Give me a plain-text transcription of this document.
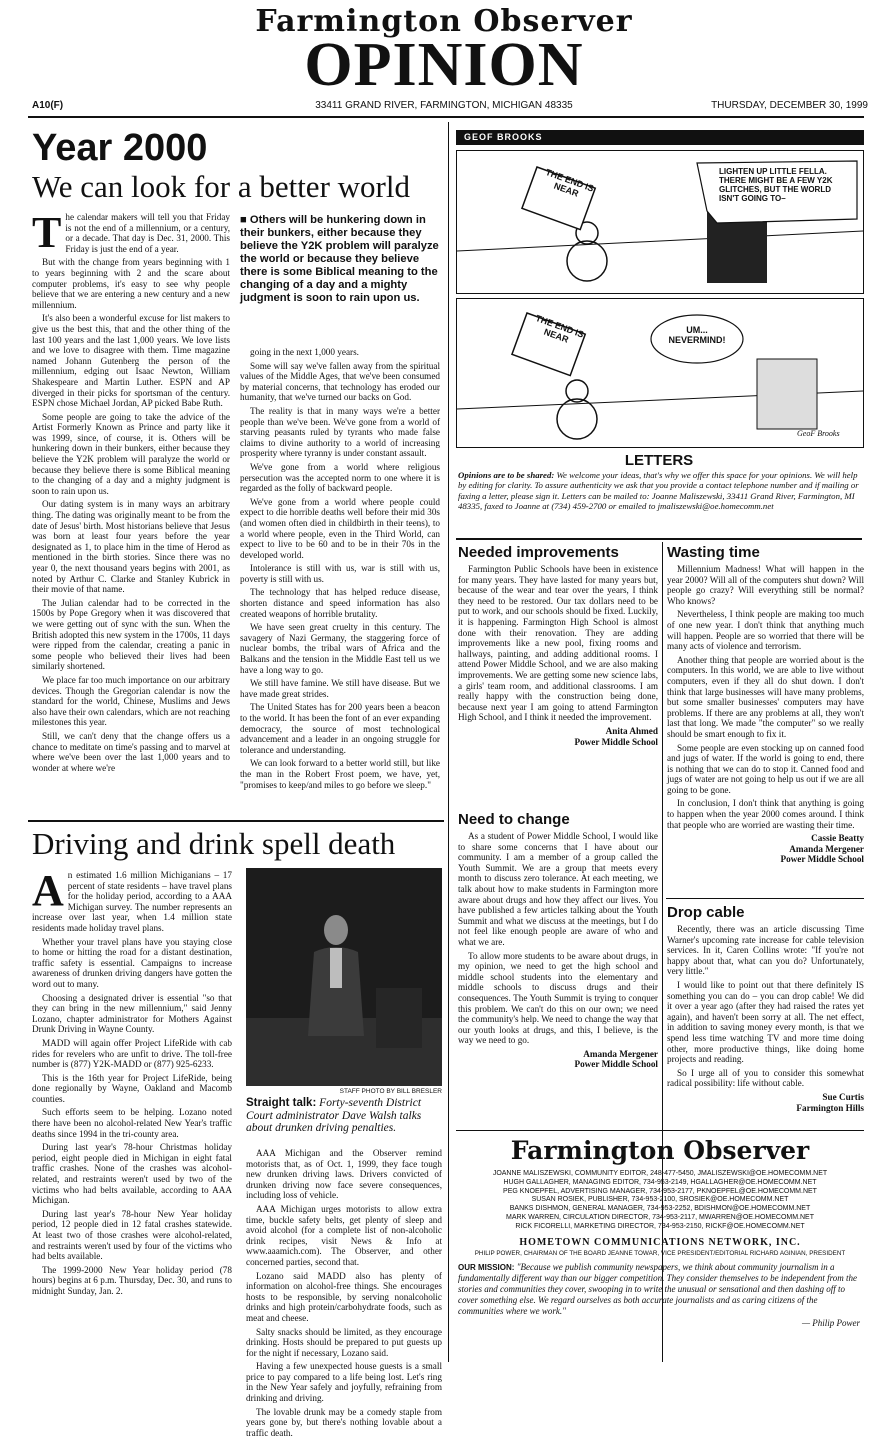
Farmington Observer
OPINION
A10(F)	33411 GRAND RIVER, FARMINGTON, MICHIGAN 48335	THURSDAY, DECEMBER 30, 1999
Year 2000
We can look for a better world
T he calendar makers will tell you that Friday is not the end of a millennium, or a century, or a decade. That day is Dec. 31, 2000. This Friday is just the end of a year.

But with the change from years beginning with 1 to years beginning with 2 and the scare about computer problems, it's easy to see why people believe that we are entering a new century and a new millennium.

It's also been a wonderful excuse for list makers to give us the best this, that and the other thing of the last 100 years and the last 1,000 years. We love lists and we love to disagree with them. Time magazine named Johann Gutenberg the person of the millennium, edging out Isaac Newton, William Shakespeare and Martin Luther. ESPN and AP diverged in their picks for sportsman of the century. ESPN chose Michael Jordan, AP picked Babe Ruth.

Some people are going to take the advice of the Artist Formerly Known as Prince and party like it was 1999, since, of course, it is. Others will be hunkering down in their bunkers, either because they believe the Y2K problem will paralyze the world or because they believe there is some Biblical meaning to the changing of a day and a mighty judgment is soon to rain upon us.

Our dating system is in many ways an arbitrary thing. The dating was originally meant to be from the date of Jesus' birth. Most historians believe that Jesus was born at least four years before the year designated as 1, to place him in the time of Herod as mentioned in the birth stories. Since there was no year 0, the next thousand years begins with 2001, as noted by Arthur C. Clarke and Stanley Kubrick in their movie of that name.

The Julian calendar had to be corrected in the 1500s by Pope Gregory when it was discovered that we were getting out of sync with the sun. When the British adopted this new system in the 1700s, 11 days were ripped from the calendar, creating a panic in some people who believed their lives had been similarly shortened.

We place far too much importance on our arbitrary devices. Though the Gregorian calendar is now the standard for the world, Chinese, Muslims and Jews also have their own calendars, which are not reaching milestones this year.

Still, we can't deny that the change offers us a chance to meditate on time's passing and to marvel at where we've been over the last 1,000 years and to wonder at where we're

■ Others will be hunkering down in their bunkers, either because they believe the Y2K problem will paralyze the world or because they believe there is some Biblical meaning to the changing of a day and a mighty judgment is soon to rain upon us.

going in the next 1,000 years.

Some will say we've fallen away from the spiritual values of the Middle Ages, that we've been consumed by material concerns, that technology has eroded our humanity, that we've turned our backs on God.

The reality is that in many ways we're a better people than we've been. We've gone from a world of starving peasants ruled by tyrants who made false claims to divine authority to a world of increasing prosperity where tyranny is under constant assault.

We've gone from a world where religious persecution was the accepted norm to one where it is regarded as the folly of backward people.

We've gone from a world where people could expect to die horrible deaths well before their mid 30s (and women often died in childbirth in their teens), to a world where people, even in the Third World, can expect to live to be 60 and to be in their 70s in the developed world.

Intolerance is still with us, war is still with us, poverty is still with us.

The technology that has helped reduce disease, shorten distance and speed information has also created weapons of horrible brutality.

We have seen great cruelty in this century. The savagery of Nazi Germany, the staggering force of nuclear bombs, the tribal wars of Africa and the Balkans and the tension in the Middle East tell us we have a long way to go.

We still have famine. We still have disease. But we have made great strides.

The United States has for 200 years been a beacon to the world. It has been the font of an ever expanding democracy, the source of most technological advancement and a leader in an ongoing struggle for tolerance and understanding.

We can look forward to a better world still, but like the man in the Robert Frost poem, we have, yet, "promises to keep/and miles to go before we sleep."

Driving and drink spell death
A n estimated 1.6 million Michiganians – 17 percent of state residents – have travel plans for the holiday period, according to a AAA Michigan survey. The number represents an increase over last year, when 1.4 million state residents made holiday travel plans.

Whether your travel plans have you staying close to home or hitting the road for a distant destination, traffic safety is essential. Campaigns to increase awareness of drunken driving dangers have gotten the word out to many.

Choosing a designated driver is essential "so that they can bring in the new millennium," said Jenny Lozano, chapter administrator for Mothers Against Drunk Driving in Wayne County.

MADD will again offer Project LifeRide with cab rides for revelers who are unfit to drive. The toll-free number is (877) Y2K-MADD or (877) 925-6233.

This is the 16th year for Project LifeRide, being done regionally by Wayne, Oakland and Macomb counties.

Such efforts seem to be helping. Lozano noted there have been no alcohol-related New Year's traffic deaths since 1994 in the tri-county area.

During last year's 78-hour Christmas holiday period, eight people died in Michigan in eight fatal traffic crashes. None of the crashes was alcohol-related, and restraints weren't used by two of the victims who had belts available, according to AAA Michigan.

During last year's 78-hour New Year holiday period, 12 people died in 12 fatal crashes statewide. At least two of those crashes were alcohol-related, and restraints weren't used by four of the victims who had belts available.

The 1999-2000 New Year holiday period (78 hours) begins at 6 p.m. Thursday, Dec. 30, and runs to midnight Sunday, Jan. 2.

STAFF PHOTO BY BILL BRESLER
Straight talk: Forty-seventh District Court administrator Dave Walsh talks about drunken driving penalties.

AAA Michigan and the Observer remind motorists that, as of Oct. 1, 1999, they face tough new drunken driving laws. Drivers convicted of drunken driving now face severe consequences, including loss of vehicle.

AAA Michigan urges motorists to allow extra time, buckle safety belts, get plenty of sleep and avoid alcohol (for a complete list of non-alcoholic drink recipes, visit News & Info at www.aaamich.com). The Observer, and other concerned parties, second that.

Lozano said MADD also has plenty of information on alcohol-free things. She encourages hosts to be responsible, by serving nonalcoholic drinks and high protein/carbohydrate foods, such as meat and cheese.

Salty snacks should be limited, as they encourage drinking. Hosts should be prepared to put guests up for the night if necessary, Lozano said.

Having a few unexpected house guests is a small price to pay compared to a life being lost. Let's ring in the New Year safely and joyfully, refraining from drinking and driving.

The lovable drunk may be a comedy staple from years gone by, but there's nothing lovable about a traffic death.

GEOF BROOKS
THE END IS NEAR
LIGHTEN UP LITTLE FELLA. THERE MIGHT BE A FEW Y2K GLITCHES, BUT THE WORLD ISN'T GOING TO–
THE END IS NEAR	UM... NEVERMIND!
GeoF Brooks
LETTERS
Opinions are to be shared: We welcome your ideas, that's why we offer this space for your opinions. We will help by editing for clarity. To assure authenticity we ask that you provide a contact telephone number and if mailing or faxing a letter, please sign it. Letters can be mailed to: Joanne Maliszewski, 33411 Grand River, Farmington, MI 48335, faxed to Joanne at (734) 459-2700 or emailed to jmaliszewski@oe.homecomm.net
Needed improvements

Farmington Public Schools have been in existence for many years. They have lasted for many years but, because of the wear and tear over the years, I think they need to be restored. Our tax dollars need to be put to work, and our schools should be fixed. Luckily, it is happening. Farmington High School is almost done with their renovation. They are adding improvements like a new pool, fixing rooms and hallways, painting, and adding additional rooms. I attend Power Middle School, and we are also making improvements. We are getting some new science labs, a girls' team room, and additional classrooms. I am really happy with the construction being done, because next year I am going to attend Farmington High School, and I think it needed the improvement.

Anita Ahmed
Power Middle School
Need to change

As a student of Power Middle School, I would like to share some concerns that I have about our community. I am a member of a group called the Youth Summit. We are a group that meets every month to discuss zero tolerance. At each meeting, we talk about how to make students in Farmington more aware about drugs and how they affect our lives. You have published a few articles talking about the Youth Summit and what we discuss at the meetings, but I do not feel like enough people are aware of who and what we are.

To allow more students to be aware about drugs, in my opinion, we need to get the high school and middle school students into the elementary and middle schools to discuss drugs and their consequences. The Youth Summit is trying to conquer this problem. We can't do this on our own; we need the community's help. We need to change the way that our youth looks at drugs, and this, I believe, is the way we need to go.

Amanda Mergener
Power Middle School
Wasting time

Millennium Madness! What will happen in the year 2000? Will all of the computers shut down? Will people go crazy? Will everything still be normal? Who knows?

Nevertheless, I think people are making too much of one new year. I don't think that anything much will happen. People are so worried that there will be many acts of violence and terrorism.

Another thing that people are worried about is the computers. In this world, we are able to live without computers, even if they all do shut down. I don't think that large businesses will have many problems, but some smaller businesses' computers may have problems. If there are any problems at all, they won't last that long. We made "the computer" so we really should be smart enough to fix it.

Some people are even stocking up on canned food and jugs of water. If the world is going to end, there is nothing that we can do to stop it. Canned food and jugs of water are not going to help us out if we are all going to be gone.

In conclusion, I don't think that anything is going to happen when the year 2000 comes around. I think that people who are worried are wasting their time.

Cassie Beatty
Amanda Mergener
Power Middle School
Drop cable

Recently, there was an article discussing Time Warner's upcoming rate increase for cable television services. In it, Caren Collins wrote: "If you're not happy about that, what can you do? Unfortunately, very little."

I would like to point out that there definitely IS something you can do – you can drop cable! We did it over a year ago (after they had raised the rates yet again), and haven't been sorry at all. The net effect, in addition to saving money every month, is that we spend less time watching TV and more time doing other, more productive things, like doing home projects and reading.

So I urge all of you to consider this somewhat radical possibility: life without cable.

Sue Curtis
Farmington Hills
Farmington Observer
JOANNE MALISZEWSKI, COMMUNITY EDITOR, 248-477-5450, JMALISZEWSKI@OE.HOMECOMM.NET
HUGH GALLAGHER, MANAGING EDITOR, 734-953-2149, HGALLAGHER@OE.HOMECOMM.NET
PEG KNOEPFEL, ADVERTISING MANAGER, 734-953-2177, PKNOEPFEL@OE.HOMECOMM.NET
SUSAN ROSIEK, PUBLISHER, 734-953-2100, SROSIEK@OE.HOMECOMM.NET
BANKS DISHMON, GENERAL MANAGER, 734-953-2252, BDISHMON@OE.HOMECOMM.NET
MARK WARREN, CIRCULATION DIRECTOR, 734-953-2117, MWARREN@OE.HOMECOMM.NET
RICK FICORELLI, MARKETING DIRECTOR, 734-953-2150, RICKF@OE.HOMECOMM.NET
HOMETOWN COMMUNICATIONS NETWORK, INC.
PHILIP POWER, CHAIRMAN OF THE BOARD JEANNE TOWAR, VICE PRESIDENT/EDITORIAL RICHARD AGINIAN, PRESIDENT
OUR MISSION: "Because we publish community newspapers, we think about community journalism in a fundamentally different way than our bigger competition. They consider themselves to be independent from the stories and communities they cover, swooping in to write the unusual or sensational and then dashing off to cover something else. We regard ourselves as both accurate journalists and as caring citizens of the communities where we work."
— Philip Power
